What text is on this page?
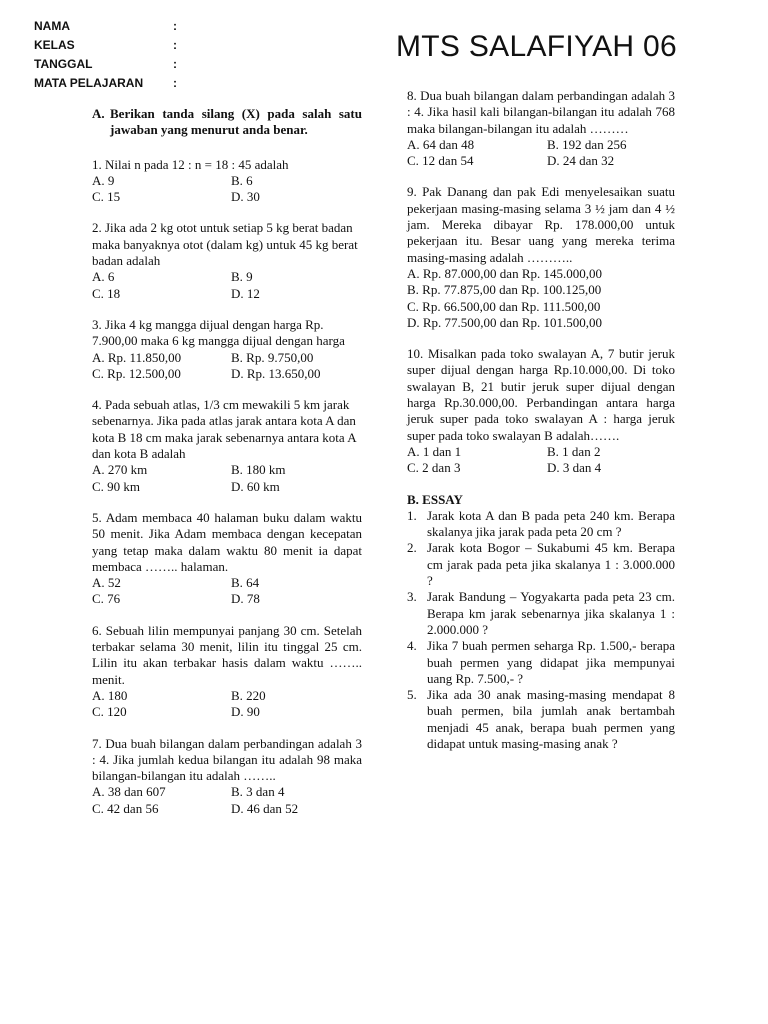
NAMA	:
KELAS	:
TANGGAL	:
MATA PELAJARAN	:
MTS SALAFIYAH 06
A. Berikan tanda silang (X) pada salah satu jawaban yang menurut anda benar.
1. Nilai n pada 12 : n = 18 : 45 adalah
A. 9	B. 6
C. 15	D. 30
2. Jika ada 2 kg otot untuk setiap 5 kg berat badan maka banyaknya otot (dalam kg) untuk 45 kg berat badan adalah
A. 6	B. 9
C. 18	D. 12
3. Jika 4 kg mangga dijual dengan harga Rp. 7.900,00 maka 6 kg mangga dijual dengan harga
A. Rp. 11.850,00	B. Rp. 9.750,00
C. Rp. 12.500,00	D. Rp. 13.650,00
4. Pada sebuah atlas, 1/3 cm mewakili 5 km jarak sebenarnya. Jika pada atlas jarak antara kota A dan kota B 18 cm maka jarak sebenarnya antara kota A dan kota B adalah
A. 270 km	B. 180 km
C. 90 km	D. 60 km
5. Adam membaca 40 halaman buku dalam waktu 50 menit. Jika Adam membaca dengan kecepatan yang tetap maka dalam waktu 80 menit ia dapat membaca …….. halaman.
A. 52	B. 64
C. 76	D. 78
6. Sebuah lilin mempunyai panjang 30 cm. Setelah terbakar selama 30 menit, lilin itu tinggal 25 cm. Lilin itu akan terbakar hasis dalam waktu …….. menit.
A. 180	B. 220
C. 120	D. 90
7. Dua buah bilangan dalam perbandingan adalah 3 : 4. Jika jumlah kedua bilangan itu adalah 98 maka bilangan-bilangan itu adalah ……..
A. 38 dan 607	B. 3 dan 4
C. 42 dan 56	D. 46 dan 52
8. Dua buah bilangan dalam perbandingan adalah 3 : 4. Jika hasil kali bilangan-bilangan itu adalah 768 maka bilangan-bilangan itu adalah ………
A. 64 dan 48	B. 192 dan 256
C. 12 dan 54	D. 24 dan 32
9. Pak Danang dan pak Edi menyelesaikan suatu pekerjaan masing-masing selama 3 ½ jam dan 4 ½ jam. Mereka dibayar Rp. 178.000,00 untuk pekerjaan itu. Besar uang yang mereka terima masing-masing adalah ………..
A. Rp. 87.000,00 dan Rp. 145.000,00
B. Rp. 77.875,00 dan Rp. 100.125,00
C. Rp. 66.500,00 dan Rp. 111.500,00
D. Rp. 77.500,00 dan Rp. 101.500,00
10. Misalkan pada toko swalayan A, 7 butir jeruk super dijual dengan harga Rp.10.000,00. Di toko swalayan B, 21 butir jeruk super dijual dengan harga Rp.30.000,00. Perbandingan antara harga jeruk super pada toko swalayan A : harga jeruk super pada toko swalayan B adalah…….
A. 1 dan 1	B. 1 dan 2
C. 2 dan 3	D. 3 dan 4
B. ESSAY
1. Jarak kota A dan B pada peta 240 km. Berapa skalanya jika jarak pada peta 20 cm ?
2. Jarak kota Bogor – Sukabumi 45 km. Berapa cm jarak pada peta jika skalanya 1 : 3.000.000 ?
3. Jarak Bandung – Yogyakarta pada peta 23 cm. Berapa km jarak sebenarnya jika skalanya 1 : 2.000.000 ?
4. Jika 7 buah permen seharga Rp. 1.500,- berapa buah permen yang didapat jika mempunyai uang Rp. 7.500,- ?
5. Jika ada 30 anak masing-masing mendapat 8 buah permen, bila jumlah anak bertambah menjadi 45 anak, berapa buah permen yang didapat untuk masing-masing anak ?
